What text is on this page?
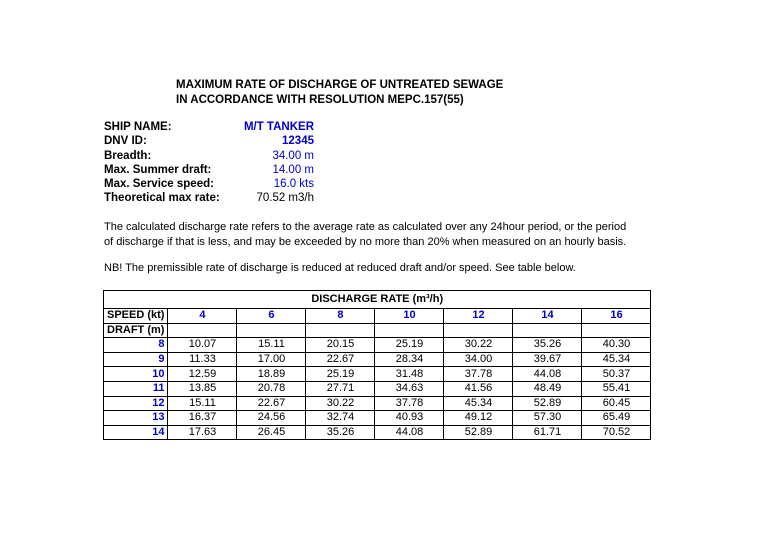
MAXIMUM RATE OF DISCHARGE OF UNTREATED SEWAGE
IN ACCORDANCE WITH RESOLUTION MEPC.157(55)
SHIP NAME:	M/T TANKER
DNV ID:	12345
Breadth:	34.00 m
Max. Summer draft:	14.00 m
Max. Service speed:	16.0 kts
Theoretical max rate:	70.52 m3/h
The calculated discharge rate refers to the average rate as calculated over any 24hour period, or the period
of discharge if that is less, and may be exceeded by no more than 20% when measured on an hourly basis.
NB! The premissible rate of discharge is reduced at reduced draft and/or speed. See table below.
DISCHARGE RATE (m³/h)							
SPEED (kt)	4	6	8	10	12	14	16
DRAFT (m)							
8	10.07	15.11	20.15	25.19	30.22	35.26	40.30
9	11.33	17.00	22.67	28.34	34.00	39.67	45.34
10	12.59	18.89	25.19	31.48	37.78	44.08	50.37
11	13.85	20.78	27.71	34.63	41.56	48.49	55.41
12	15.11	22.67	30.22	37.78	45.34	52.89	60.45
13	16.37	24.56	32.74	40.93	49.12	57.30	65.49
14	17.63	26.45	35.26	44.08	52.89	61.71	70.52
